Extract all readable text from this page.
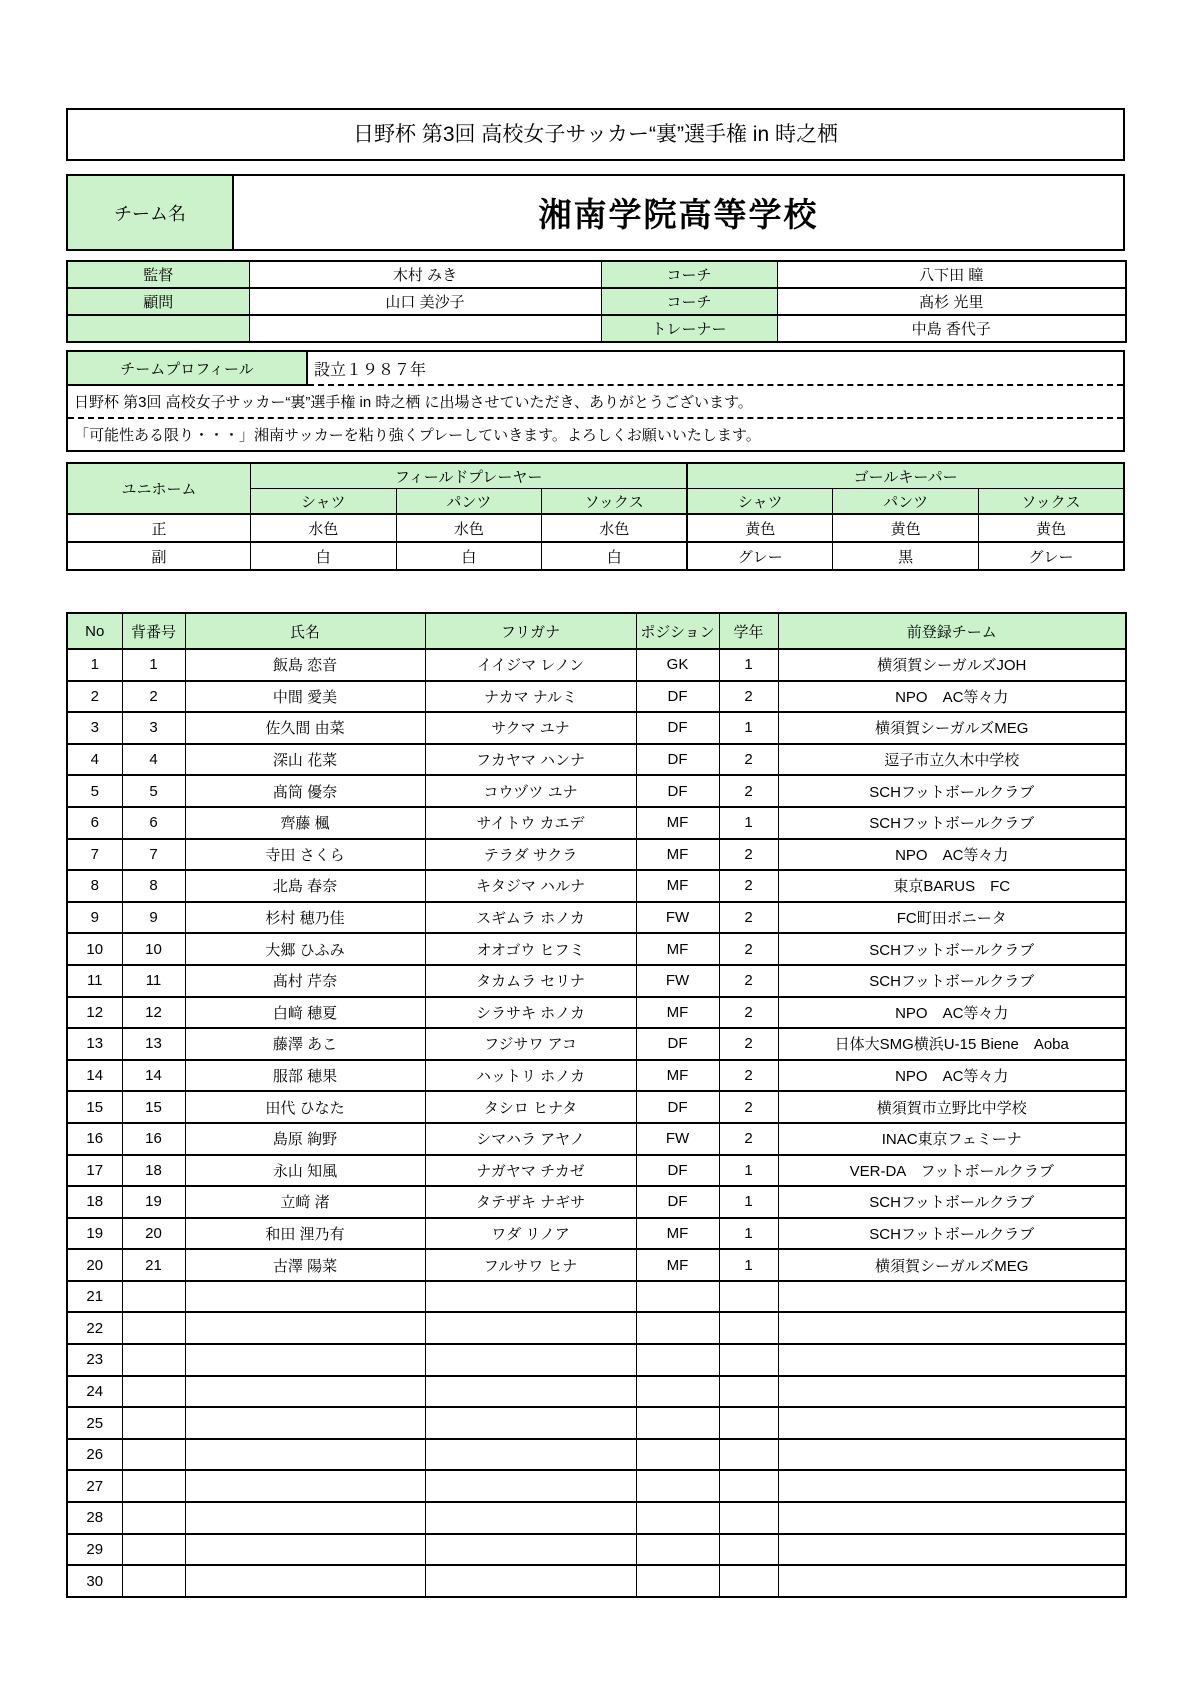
日野杯 第3回 高校女子サッカー“裏”選手権 in 時之栖
チーム名	湘南学院高等学校
監督	木村 みき	コーチ	八下田 瞳
顧問	山口 美沙子	コーチ	髙杉 光里
		トレーナー	中島 香代子
チームプロフィール	設立１９８７年
日野杯 第3回 高校女子サッカー“裏”選手権 in 時之栖 に出場させていただき、ありがとうございます。
「可能性ある限り・・・」湘南サッカーを粘り強くプレーしていきます。よろしくお願いいたします。
ユニホーム	フィールドプレーヤー			ゴールキーパー		
	シャツ	パンツ	ソックス	シャツ	パンツ	ソックス
正	水色	水色	水色	黄色	黄色	黄色
副	白	白	白	グレー	黒	グレー
No	背番号	氏名	フリガナ	ポジション	学年	前登録チーム
1	1	飯島 恋音	イイジマ レノン	GK	1	横須賀シーガルズJOH
2	2	中間 愛美	ナカマ ナルミ	DF	2	NPO　AC等々力
3	3	佐久間 由菜	サクマ ユナ	DF	1	横須賀シーガルズMEG
4	4	深山 花菜	フカヤマ ハンナ	DF	2	逗子市立久木中学校
5	5	髙筒 優奈	コウヅツ ユナ	DF	2	SCHフットボールクラブ
6	6	齊藤 楓	サイトウ カエデ	MF	1	SCHフットボールクラブ
7	7	寺田 さくら	テラダ サクラ	MF	2	NPO　AC等々力
8	8	北島 春奈	キタジマ ハルナ	MF	2	東京BARUS　FC
9	9	杉村 穂乃佳	スギムラ ホノカ	FW	2	FC町田ボニータ
10	10	大郷 ひふみ	オオゴウ ヒフミ	MF	2	SCHフットボールクラブ
11	11	髙村 芹奈	タカムラ セリナ	FW	2	SCHフットボールクラブ
12	12	白﨑 穂夏	シラサキ ホノカ	MF	2	NPO　AC等々力
13	13	藤澤 あこ	フジサワ アコ	DF	2	日体大SMG横浜U-15 Biene　Aoba
14	14	服部 穂果	ハットリ ホノカ	MF	2	NPO　AC等々力
15	15	田代 ひなた	タシロ ヒナタ	DF	2	横須賀市立野比中学校
16	16	島原 絢野	シマハラ アヤノ	FW	2	INAC東京フェミーナ
17	18	永山 知風	ナガヤマ チカゼ	DF	1	VER-DA　フットボールクラブ
18	19	立﨑 渚	タテザキ ナギサ	DF	1	SCHフットボールクラブ
19	20	和田 浬乃有	ワダ リノア	MF	1	SCHフットボールクラブ
20	21	古澤 陽菜	フルサワ ヒナ	MF	1	横須賀シーガルズMEG
21						
22						
23						
24						
25						
26						
27						
28						
29						
30						
